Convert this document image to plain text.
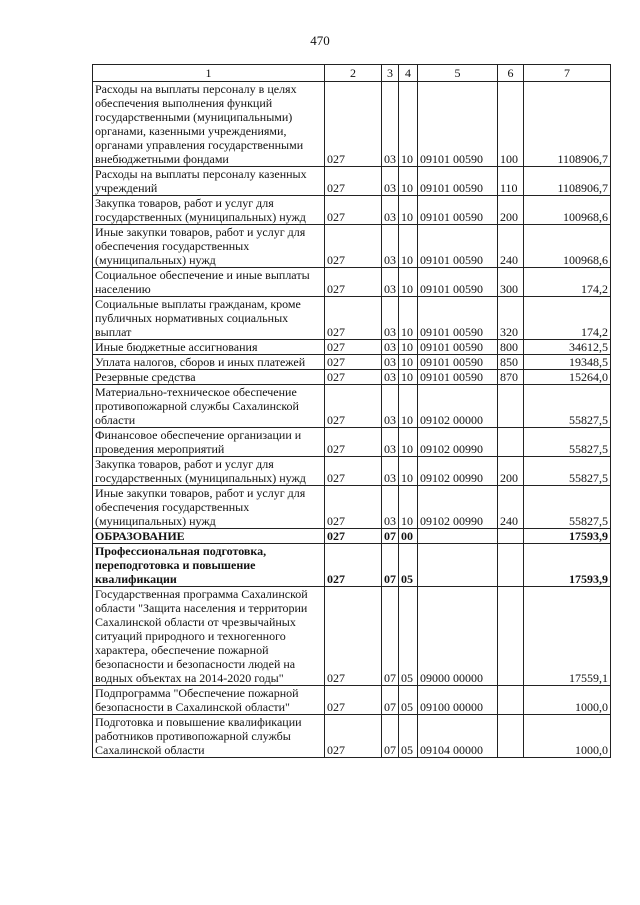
470
1	2	3	4	5	6	7
Расходы на выплаты персоналу в целях обеспечения выполнения функций государственными (муниципальными) органами, казенными учреждениями, органами управления государственными внебюджетными фондами	027	03	10	09101 00590	100	1108906,7
Расходы на выплаты персоналу казенных учреждений	027	03	10	09101 00590	110	1108906,7
Закупка товаров, работ и услуг для государственных (муниципальных) нужд	027	03	10	09101 00590	200	100968,6
Иные закупки товаров, работ и услуг для обеспечения государственных (муниципальных) нужд	027	03	10	09101 00590	240	100968,6
Социальное обеспечение и иные выплаты населению	027	03	10	09101 00590	300	174,2
Социальные выплаты гражданам, кроме публичных нормативных социальных выплат	027	03	10	09101 00590	320	174,2
Иные бюджетные ассигнования	027	03	10	09101 00590	800	34612,5
Уплата налогов, сборов и иных платежей	027	03	10	09101 00590	850	19348,5
Резервные средства	027	03	10	09101 00590	870	15264,0
Материально-техническое обеспечение противопожарной службы Сахалинской области	027	03	10	09102 00000		55827,5
Финансовое обеспечение организации и проведения мероприятий	027	03	10	09102 00990		55827,5
Закупка товаров, работ и услуг для государственных (муниципальных) нужд	027	03	10	09102 00990	200	55827,5
Иные закупки товаров, работ и услуг для обеспечения государственных (муниципальных) нужд	027	03	10	09102 00990	240	55827,5
ОБРАЗОВАНИЕ	027	07	00			17593,9
Профессиональная подготовка, переподготовка и повышение квалификации	027	07	05			17593,9
Государственная программа Сахалинской области "Защита населения и территории Сахалинской области от чрезвычайных ситуаций природного и техногенного характера, обеспечение пожарной безопасности и безопасности людей на водных объектах на 2014-2020 годы"	027	07	05	09000 00000		17559,1
Подпрограмма "Обеспечение пожарной безопасности в Сахалинской области"	027	07	05	09100 00000		1000,0
Подготовка и повышение квалификации работников противопожарной службы Сахалинской области	027	07	05	09104 00000		1000,0
